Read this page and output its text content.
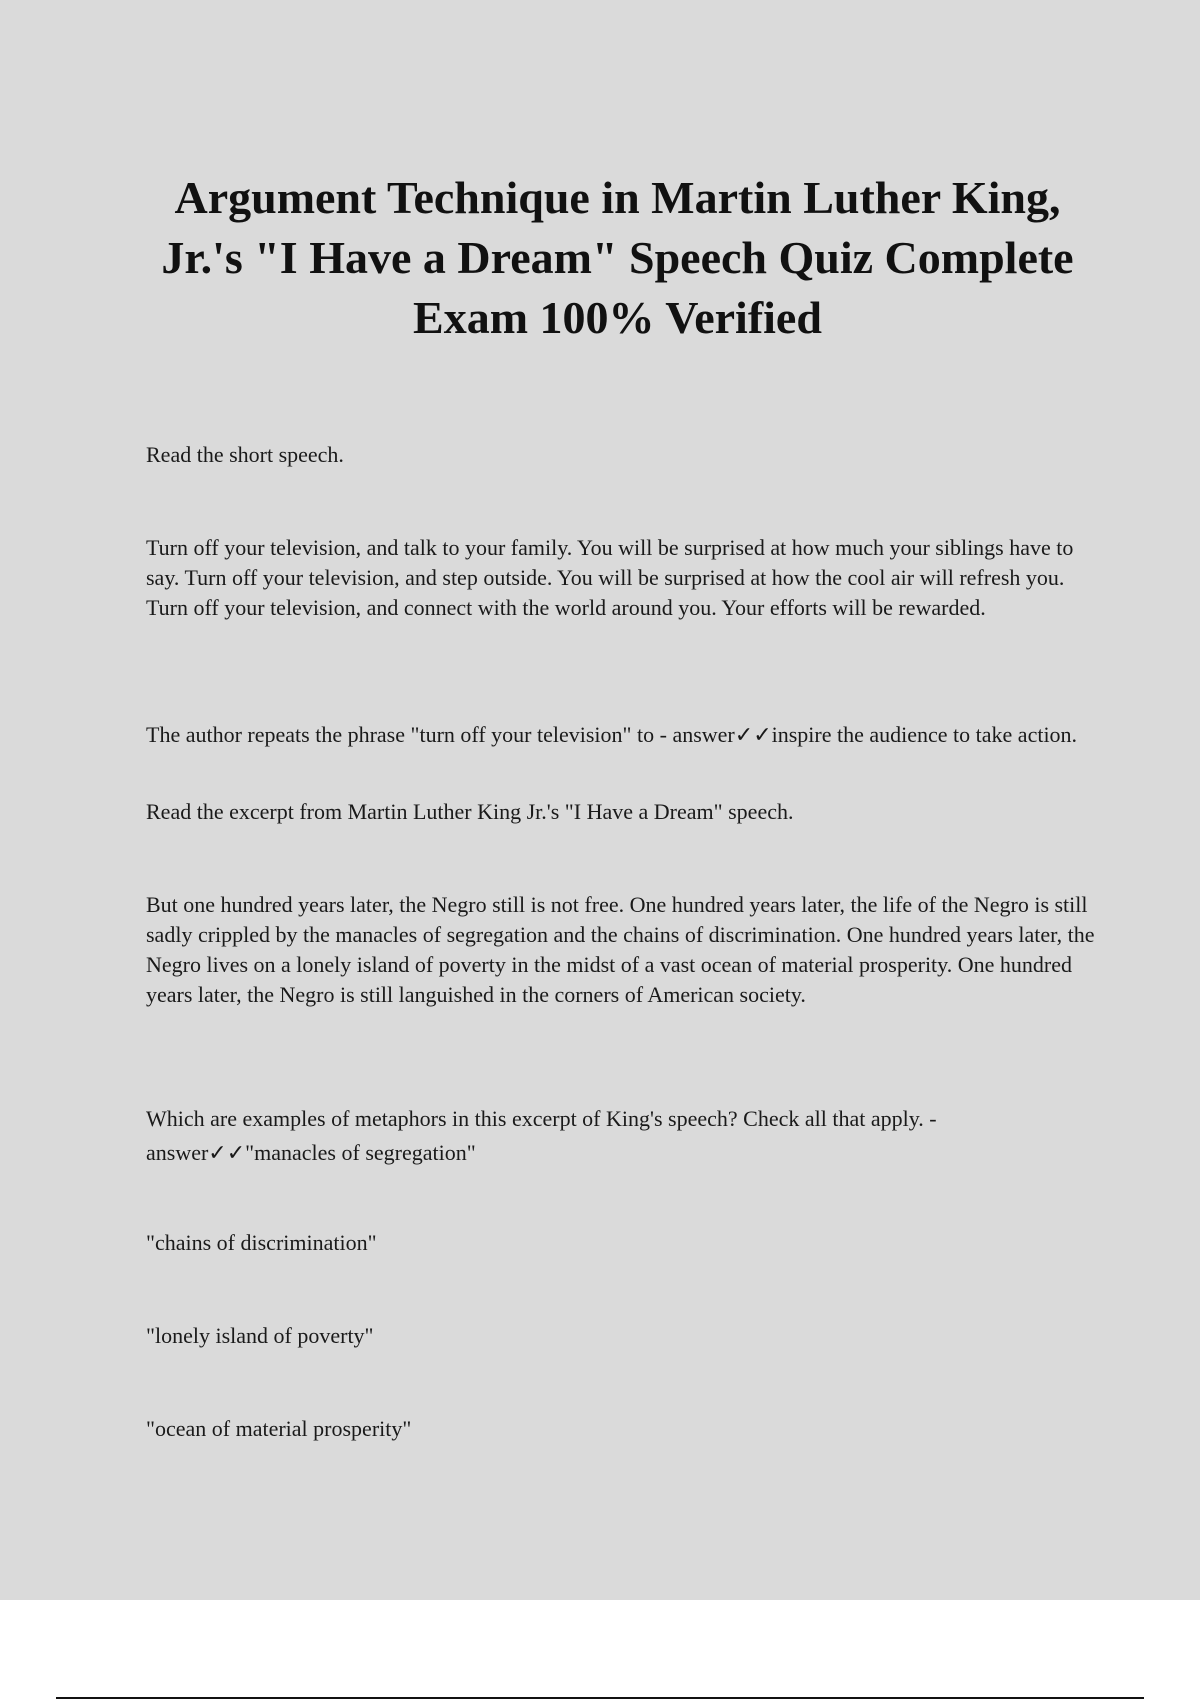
Argument Technique in Martin Luther King, Jr.'s "I Have a Dream" Speech Quiz Complete Exam 100% Verified

Read the short speech.

Turn off your television, and talk to your family. You will be surprised at how much your siblings have to say. Turn off your television, and step outside. You will be surprised at how the cool air will refresh you. Turn off your television, and connect with the world around you. Your efforts will be rewarded.

The author repeats the phrase "turn off your television" to - answer✓✓inspire the audience to take action.

Read the excerpt from Martin Luther King Jr.'s "I Have a Dream" speech.

But one hundred years later, the Negro still is not free. One hundred years later, the life of the Negro is still sadly crippled by the manacles of segregation and the chains of discrimination. One hundred years later, the Negro lives on a lonely island of poverty in the midst of a vast ocean of material prosperity. One hundred years later, the Negro is still languished in the corners of American society.

Which are examples of metaphors in this excerpt of King's speech? Check all that apply. - answer✓✓"manacles of segregation"

"chains of discrimination"

"lonely island of poverty"

"ocean of material prosperity"
